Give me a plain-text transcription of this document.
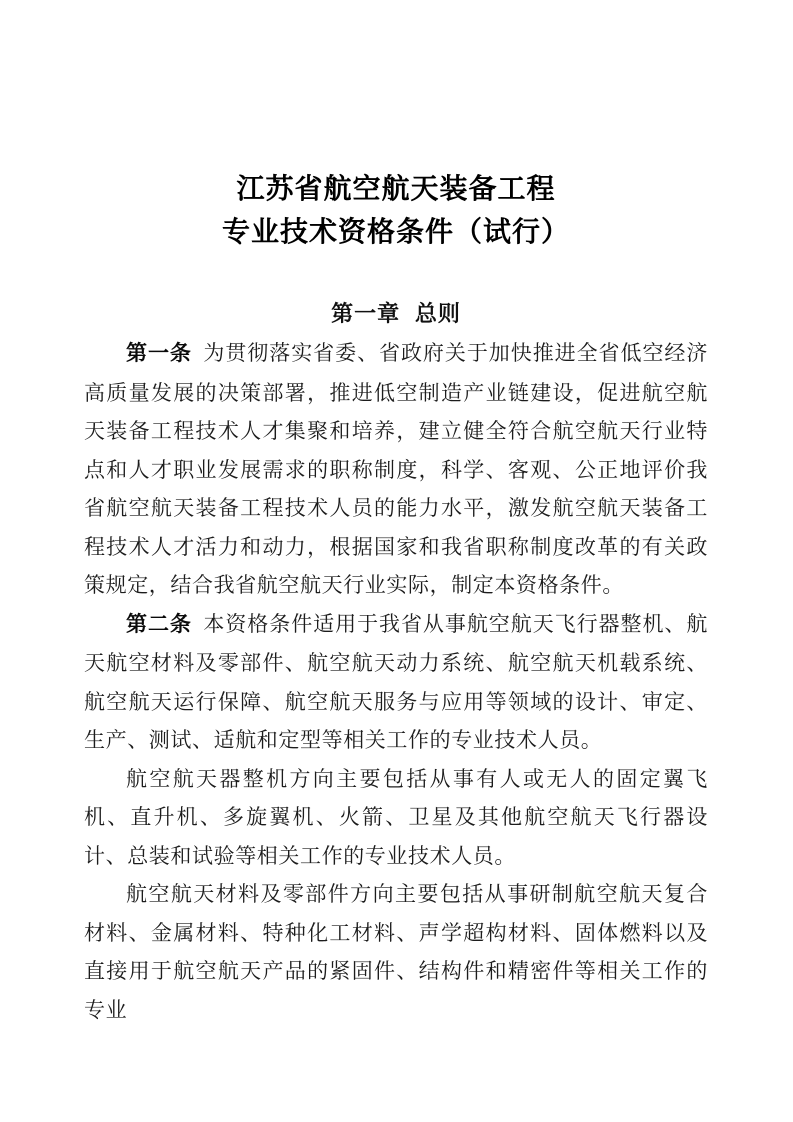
江苏省航空航天装备工程
专业技术资格条件（试行）
第一章 总则

第一条 为贯彻落实省委、省政府关于加快推进全省低空经济高质量发展的决策部署，推进低空制造产业链建设，促进航空航天装备工程技术人才集聚和培养，建立健全符合航空航天行业特点和人才职业发展需求的职称制度，科学、客观、公正地评价我省航空航天装备工程技术人员的能力水平，激发航空航天装备工程技术人才活力和动力，根据国家和我省职称制度改革的有关政策规定，结合我省航空航天行业实际，制定本资格条件。

第二条 本资格条件适用于我省从事航空航天飞行器整机、航天航空材料及零部件、航空航天动力系统、航空航天机载系统、航空航天运行保障、航空航天服务与应用等领域的设计、审定、生产、测试、适航和定型等相关工作的专业技术人员。

航空航天器整机方向主要包括从事有人或无人的固定翼飞机、直升机、多旋翼机、火箭、卫星及其他航空航天飞行器设计、总装和试验等相关工作的专业技术人员。

航空航天材料及零部件方向主要包括从事研制航空航天复合材料、金属材料、特种化工材料、声学超构材料、固体燃料以及直接用于航空航天产品的紧固件、结构件和精密件等相关工作的专业
